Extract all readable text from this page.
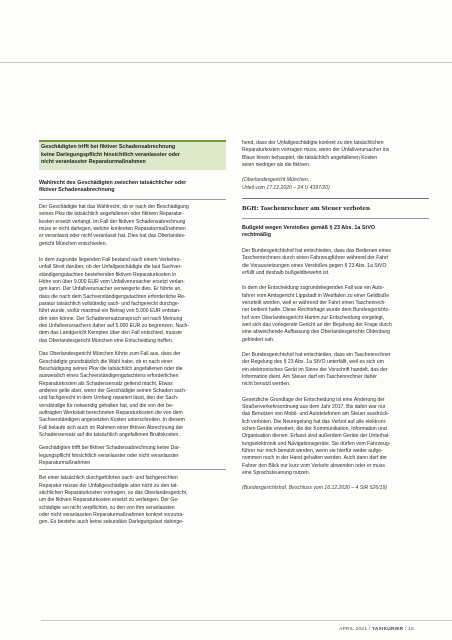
Geschädigten trifft bei fiktiver Schadensabrechnung
keine Darlegungspflicht hinsichtlich veranlasster oder
nicht veranlasster Reparaturmaßnahmen
Wahlrecht des Geschädigten zwischen tatsächlicher oder
fiktiver Schadensabrechnung

Der Geschädigte hat das Wahlrecht, ob er nach der Beschädigung
seines Pkw die tatsächlich angefallenen oder fiktiven Reparatur-
kosten ersetzt verlangt. Im Fall der fiktiven Schadensabrechnung
muss er nicht darlegen, welche konkreten Reparaturmaßnahmen
er veranlasst oder nicht veranlasst hat. Dies hat das Oberlandes-
gericht München entschieden.

In dem zugrunde liegenden Fall bestand nach einem Verkehrs-
unfall Streit darüber, ob der Unfallgeschädigte die laut Sachver-
ständigengutachten bestehenden fiktiven Reparaturkosten in
Höhe von über 9.000 EUR vom Unfallverursacher ersetzt verlan-
gen kann. Der Unfallverursacher verweigerte dies. Er führte an,
dass die nach dem Sachverständigengutachten erforderliche Re-
paratur tatsächlich vollständig sach- und fachgerecht durchge-
führt wurde, wofür maximal ein Betrag von 5.000 EUR entstan-
den sein könne. Der Schadenersatzanspruch sei nach Meinung
des Unfallverursachers daher auf 5.000 EUR zu begrenzen. Nach-
dem das Landgericht Kempten über den Fall entschied, musste
das Oberlandesgericht München eine Entscheidung treffen.

Das Oberlandesgericht München führte zum Fall aus, dass der
Geschädigte grundsätzlich die Wahl habe, ob er nach einer
Beschädigung seines Pkw die tatsächlich angefallenen oder die
ausweislich eines Sachverständigengutachtens erforderlichen
Reparaturkosten als Schadensersatz geltend macht. Etwas
anderes gelte aber, wenn der Geschädigte seinen Schaden sach-
und fachgerecht in dem Umfang repariert lässt, den der Sach-
verständige für notwendig gehalten hat, und die von der be-
auftragten Werkstatt berechneten Reparaturkosten die von dem
Sachverständigen angesetzten Kosten unterschreiten. In diesem
Fall belaufe sich auch im Rahmen einer fiktiven Abrechnung der
Schadensersatz auf die tatsächlich angefallenen Bruttokosten.

Geschädigten trifft bei fiktiver Schadensabrechnung keine Dar-
legungspflicht hinsichtlich veranlasster oder nicht veranlasster
Reparaturmaßnahmen

Bei einer tatsächlich durchgeführten sach- und fachgerechten
Reparatur müsse der Unfallgeschädigte aber nicht zu den tat-
sächlichen Reparaturkosten vortragen, so das Oberlandesgericht,
um die fiktiven Reparaturkosten ersetzt zu verlangen. Der Ge-
schädigte sei nicht verpflichtet, zu den von ihm veranlassten
oder nicht veranlassten Reparaturmaßnahmen konkret vorzutra-
gen. Es bestehe auch keine sekundäre Darlegungslast dahinge-

hend, dass der Unfallgeschädigte konkret zu den tatsächlichen
Reparaturkosten vortragen muss, wenn der Unfallverursacher ins
Blaue hinein behauptet, die tatsächlich angefallenen Kosten
seien niedriger als die fiktiven.

(Oberlandesgericht München,
Urteil vom 17.12.2020 – 24 U 4397/20)
BGH: Taschenrechner am Steuer verboten
Bußgeld wegen Verstoßes gemäß § 23 Abs. 1a StVO
rechtmäßig

Der Bundesgerichtshof hat entschieden, dass das Bedienen eines
Taschenrechners durch einen Fahrzeugführer während der Fahrt
die Voraussetzungen eines Verstoßes gegen § 23 Abs. 1a StVO
erfüllt und deshalb bußgeldbewehrt ist.

In dem der Entscheidung zugrundeliegenden Fall war ein Auto-
fahrer vom Amtsgericht Lippstadt in Westfalen zu einer Geldbuße
verurteilt worden, weil er während der Fahrt einen Taschenrech-
ner bedient hatte. Diese Rechtsfrage wurde dem Bundesgerichts-
hof vom Oberlandesgericht Hamm zur Entscheidung vorgelegt,
weil sich das vorlegende Gericht an der Bejahung der Frage durch
eine abweichende Auffassung des Oberlandesgerichts Oldenburg
gehindert sah.

Der Bundesgerichtshof hat entschieden, dass ein Taschenrechner
der Regelung des § 23 Abs. 1a StVO unterfällt, weil es sich um
ein elektronisches Gerät im Sinne der Vorschrift handelt, das der
Information dient. Am Steuer darf ein Taschenrechner daher
nicht benutzt werden.

Gesetzliche Grundlage der Entscheidung ist eine Änderung der
Straßenverkehrsordnung aus dem Jahr 2017. Bis dahin war nur
das Benutzen von Mobil- und Autotelefonen am Steuer ausdrück-
lich verboten. Die Neuregelung hat das Verbot auf alle elektroni-
schen Geräte erweitert, die der Kommunikation, Information und
Organisation dienen. Erfasst sind außerdem Geräte der Unterhal-
tungselektronik und Navigationsgeräte. Sie dürfen vom Fahrzeug-
führer nur noch benutzt werden, wenn sie hierfür weder aufge-
nommen noch in der Hand gehalten werden. Auch dann darf der
Fahrer den Blick nur kurz vom Verkehr abwenden oder er muss
eine Sprachsteuerung nutzen.

(Bundesgerichtshof, Beschluss vom 16.12.2020 – 4 StR 526/19)
APRIL 2021 / TAXIKURIER / 15
